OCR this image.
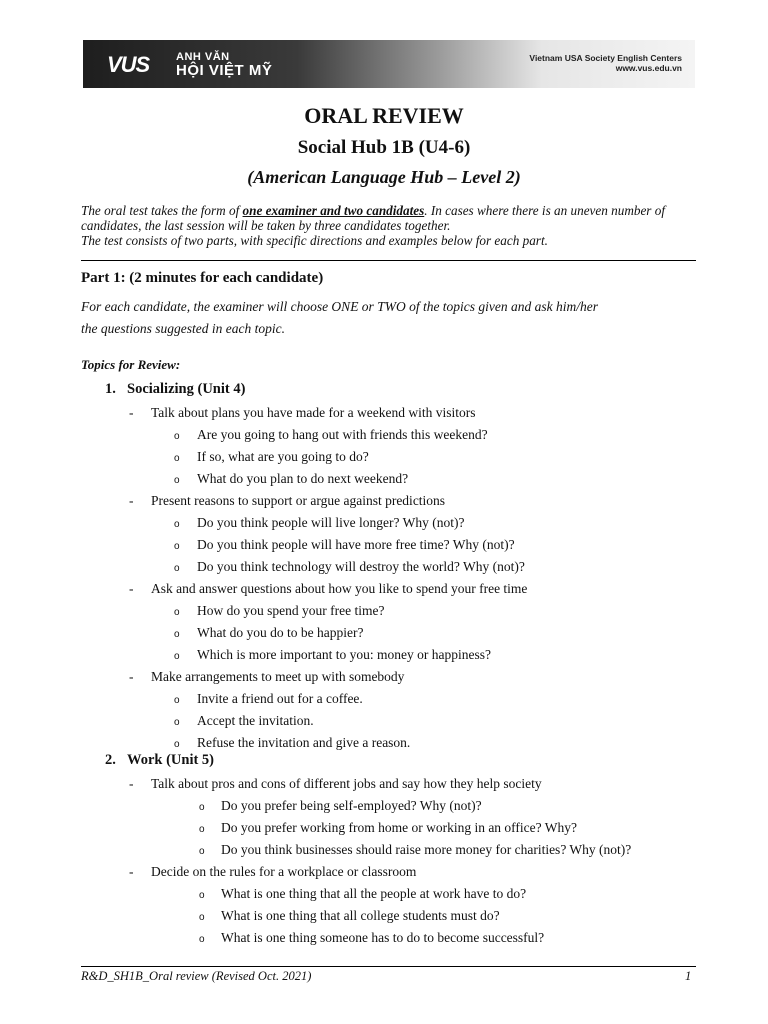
VUS ANH VĂN
HỘI VIỆT MỸ
Vietnam USA Society English Centers
www.vus.edu.vn
ORAL REVIEW
Social Hub 1B (U4-6)
(American Language Hub – Level 2)
The oral test takes the form of one examiner and two candidates. In cases where there is an uneven number of candidates, the last session will be taken by three candidates together.
The test consists of two parts, with specific directions and examples below for each part.
Part 1: (2 minutes for each candidate)
For each candidate, the examiner will choose ONE or TWO of the topics given and ask him/her
the questions suggested in each topic.
Topics for Review:
1. Socializing (Unit 4)
- Talk about plans you have made for a weekend with visitors
o Are you going to hang out with friends this weekend?
o If so, what are you going to do?
o What do you plan to do next weekend?
- Present reasons to support or argue against predictions
o Do you think people will live longer? Why (not)?
o Do you think people will have more free time? Why (not)?
o Do you think technology will destroy the world? Why (not)?
- Ask and answer questions about how you like to spend your free time
o How do you spend your free time?
o What do you do to be happier?
o Which is more important to you: money or happiness?
- Make arrangements to meet up with somebody
o Invite a friend out for a coffee.
o Accept the invitation.
o Refuse the invitation and give a reason.
2. Work (Unit 5)
- Talk about pros and cons of different jobs and say how they help society
o Do you prefer being self-employed? Why (not)?
o Do you prefer working from home or working in an office? Why?
o Do you think businesses should raise more money for charities? Why (not)?
- Decide on the rules for a workplace or classroom
o What is one thing that all the people at work have to do?
o What is one thing that all college students must do?
o What is one thing someone has to do to become successful?
R&D_SH1B_Oral review (Revised Oct. 2021)	1
